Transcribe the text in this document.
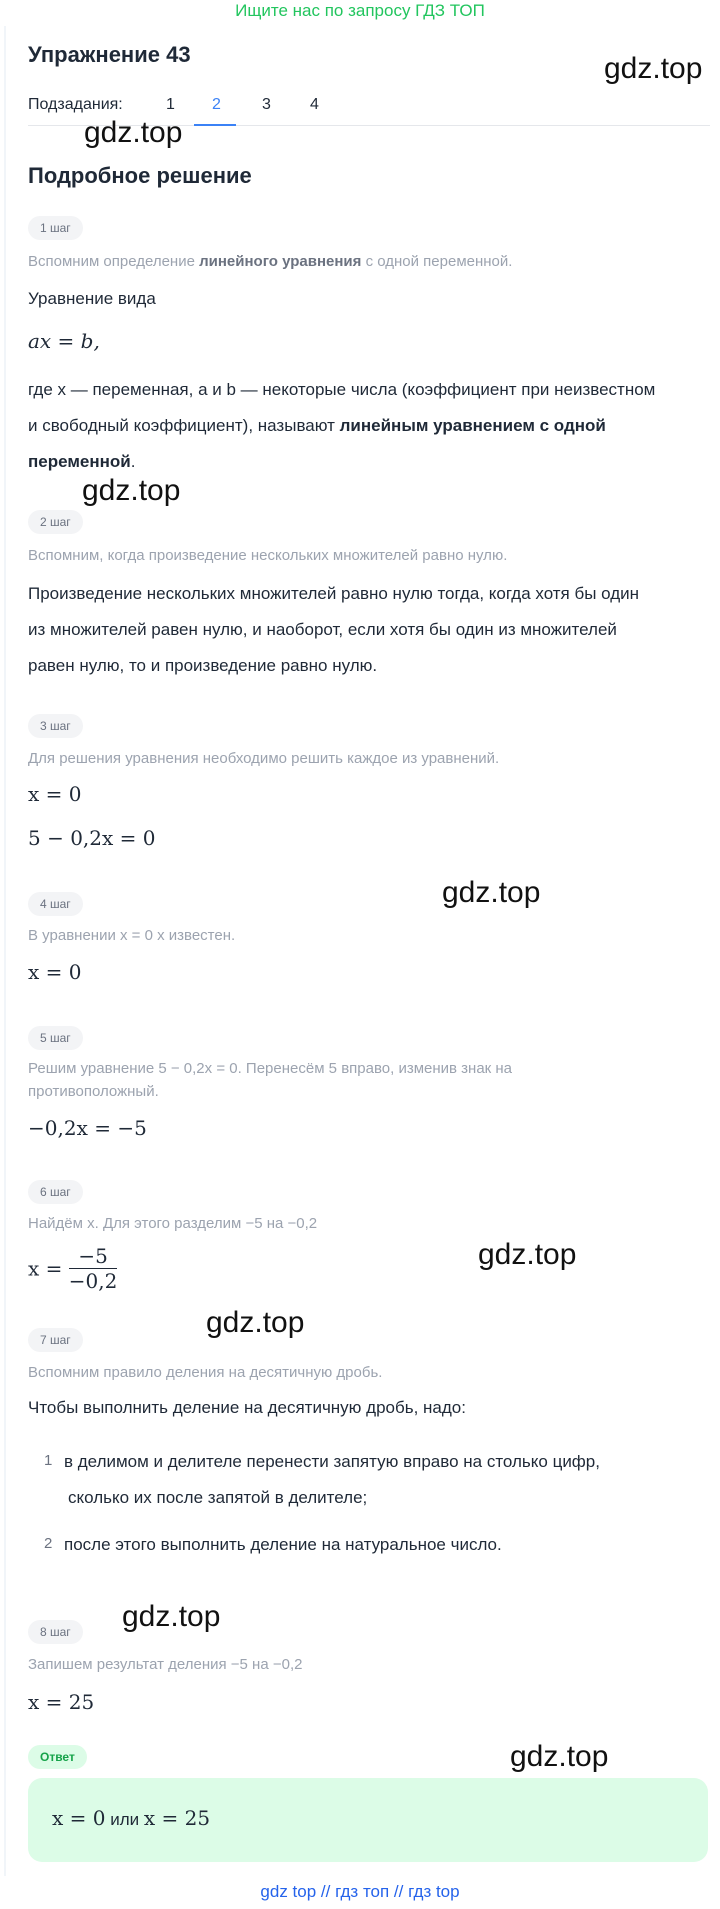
Ищите нас по запросу ГДЗ ТОП
Упражнение 43	gdz.top
Подзадания:	1 2	3 4
gdz.top
Подробное решение
1 шаг
Вспомним определение линейного уравнения с одной переменной.
Уравнение вида
ax = b,
где x — переменная, a и b — некоторые числа (коэффициент при неизвестном
и свободный коэффициент), называют линейным уравнением с одной
переменной.
gdz.top
2 шаг
Вспомним, когда произведение нескольких множителей равно нулю.
Произведение нескольких множителей равно нулю тогда, когда хотя бы один
из множителей равен нулю, и наоборот, если хотя бы один из множителей
равен нулю, то и произведение равно нулю.
3 шаг
Для решения уравнения необходимо решить каждое из уравнений.
x = 0
5 − 0,2x = 0
4 шаг	gdz.top
В уравнении x = 0 x известен.
x = 0
5 шаг
Решим уравнение 5 − 0,2x = 0. Перенесём 5 вправо, изменив знак на
противоположный.
−0,2x = −5
6 шаг
Найдём x. Для этого разделим −5 на −0,2
$x = \frac{-5}{-0,2}$	gdz.top
gdz.top
7 шаг
Вспомним правило деления на десятичную дробь.
Чтобы выполнить деление на десятичную дробь, надо:
1 в делимом и делителе перенести запятую вправо на столько цифр,
сколько их после запятой в делителе;
2 после этого выполнить деление на натуральное число.
8 шаг	gdz.top
Запишем результат деления −5 на −0,2
x = 25
Ответ	gdz.top
x = 0 или x = 25
gdz top // гдз топ // гдз top
